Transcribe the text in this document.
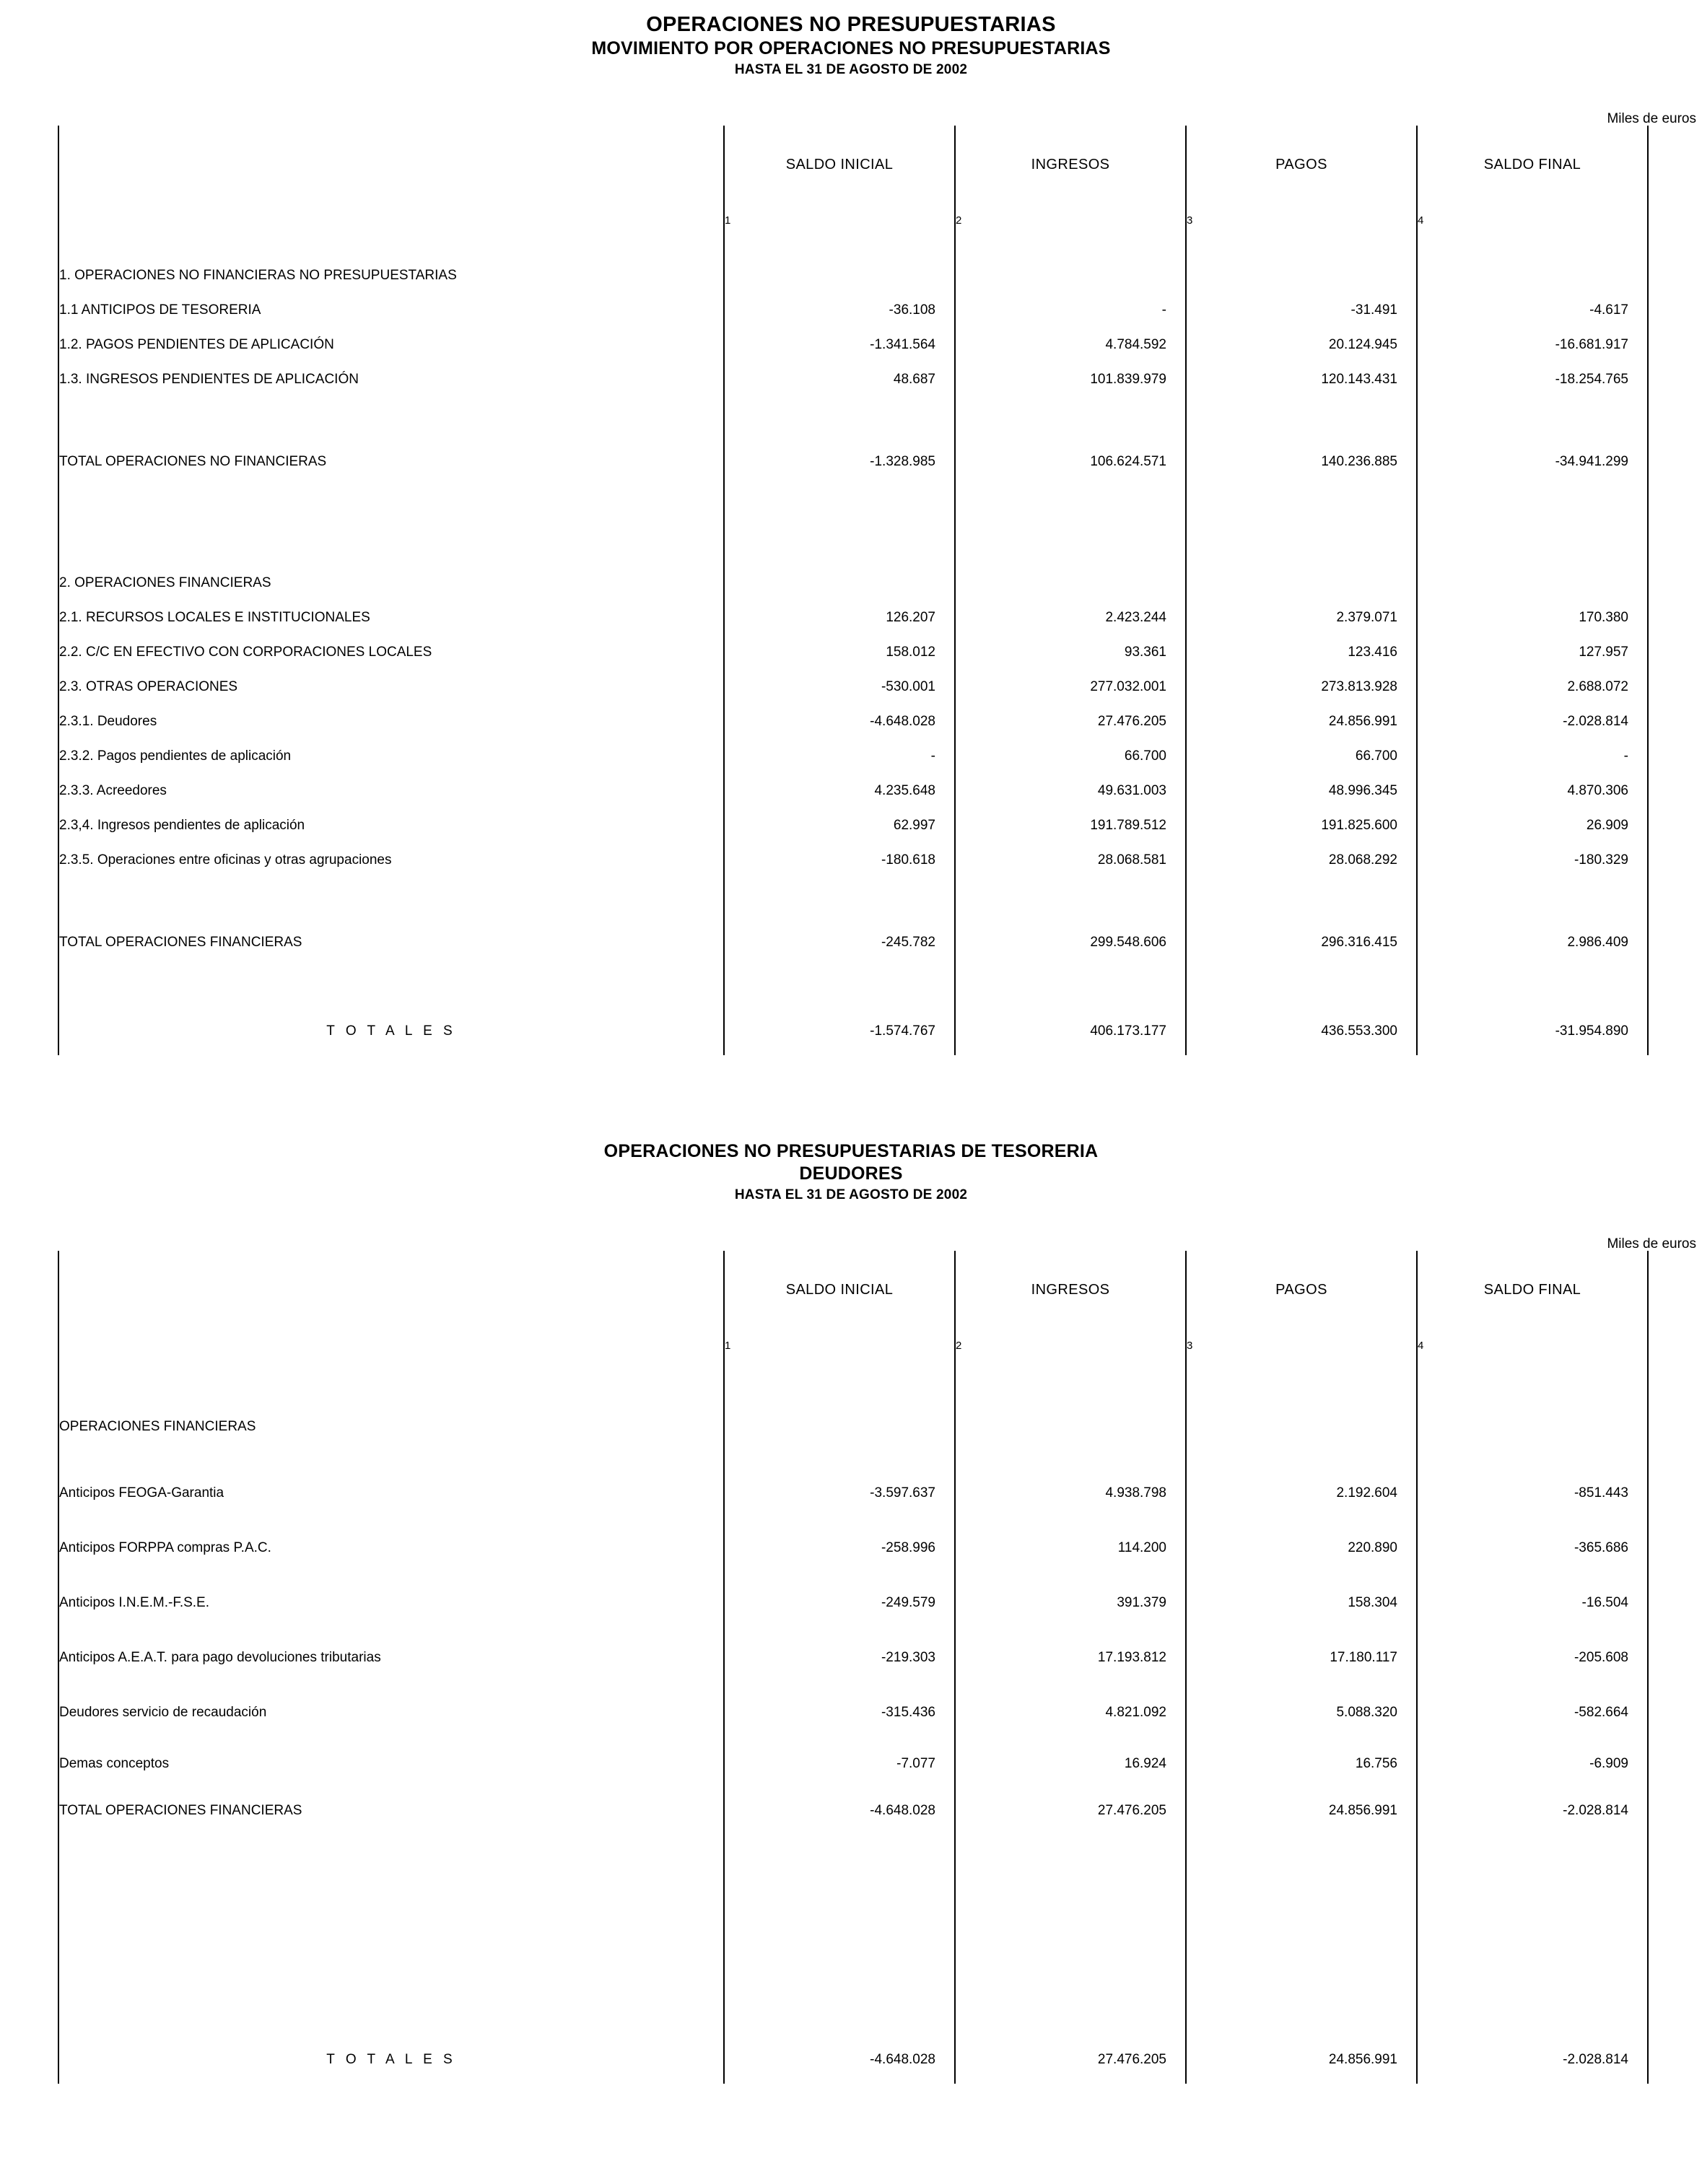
OPERACIONES NO PRESUPUESTARIAS
MOVIMIENTO POR OPERACIONES NO PRESUPUESTARIAS
HASTA EL 31 DE AGOSTO DE 2002
Miles de euros
	SALDO INICIAL	INGRESOS	PAGOS	SALDO FINAL

	1	2	3	4

1. OPERACIONES NO FINANCIERAS NO PRESUPUESTARIAS				
1.1 ANTICIPOS DE TESORERIA	-36.108	-	-31.491	-4.617
1.2. PAGOS PENDIENTES DE APLICACIÓN	-1.341.564	4.784.592	20.124.945	-16.681.917
1.3. INGRESOS PENDIENTES DE APLICACIÓN	48.687	101.839.979	120.143.431	-18.254.765

TOTAL OPERACIONES NO FINANCIERAS	-1.328.985	106.624.571	140.236.885	-34.941.299

2. OPERACIONES FINANCIERAS				
2.1. RECURSOS LOCALES E INSTITUCIONALES	126.207	2.423.244	2.379.071	170.380
2.2. C/C EN EFECTIVO CON CORPORACIONES LOCALES	158.012	93.361	123.416	127.957
2.3. OTRAS OPERACIONES	-530.001	277.032.001	273.813.928	2.688.072
2.3.1. Deudores	-4.648.028	27.476.205	24.856.991	-2.028.814
2.3.2. Pagos pendientes de aplicación	-	66.700	66.700	-
2.3.3. Acreedores	4.235.648	49.631.003	48.996.345	4.870.306
2.3,4. Ingresos pendientes de aplicación	62.997	191.789.512	191.825.600	26.909
2.3.5. Operaciones entre oficinas y otras agrupaciones	-180.618	28.068.581	28.068.292	-180.329

TOTAL OPERACIONES FINANCIERAS	-245.782	299.548.606	296.316.415	2.986.409

T O T A L E S	-1.574.767	406.173.177	436.553.300	-31.954.890
OPERACIONES NO PRESUPUESTARIAS DE TESORERIA
DEUDORES
HASTA EL 31 DE AGOSTO DE 2002
Miles de euros
	SALDO INICIAL	INGRESOS	PAGOS	SALDO FINAL

	1	2	3	4

OPERACIONES FINANCIERAS				

Anticipos FEOGA-Garantia	-3.597.637	4.938.798	2.192.604	-851.443
Anticipos FORPPA compras P.A.C.	-258.996	114.200	220.890	-365.686
Anticipos I.N.E.M.-F.S.E.	-249.579	391.379	158.304	-16.504
Anticipos A.E.A.T. para pago devoluciones tributarias	-219.303	17.193.812	17.180.117	-205.608
Deudores servicio de recaudación	-315.436	4.821.092	5.088.320	-582.664
Demas conceptos	-7.077	16.924	16.756	-6.909
TOTAL OPERACIONES FINANCIERAS	-4.648.028	27.476.205	24.856.991	-2.028.814

T O T A L E S	-4.648.028	27.476.205	24.856.991	-2.028.814
